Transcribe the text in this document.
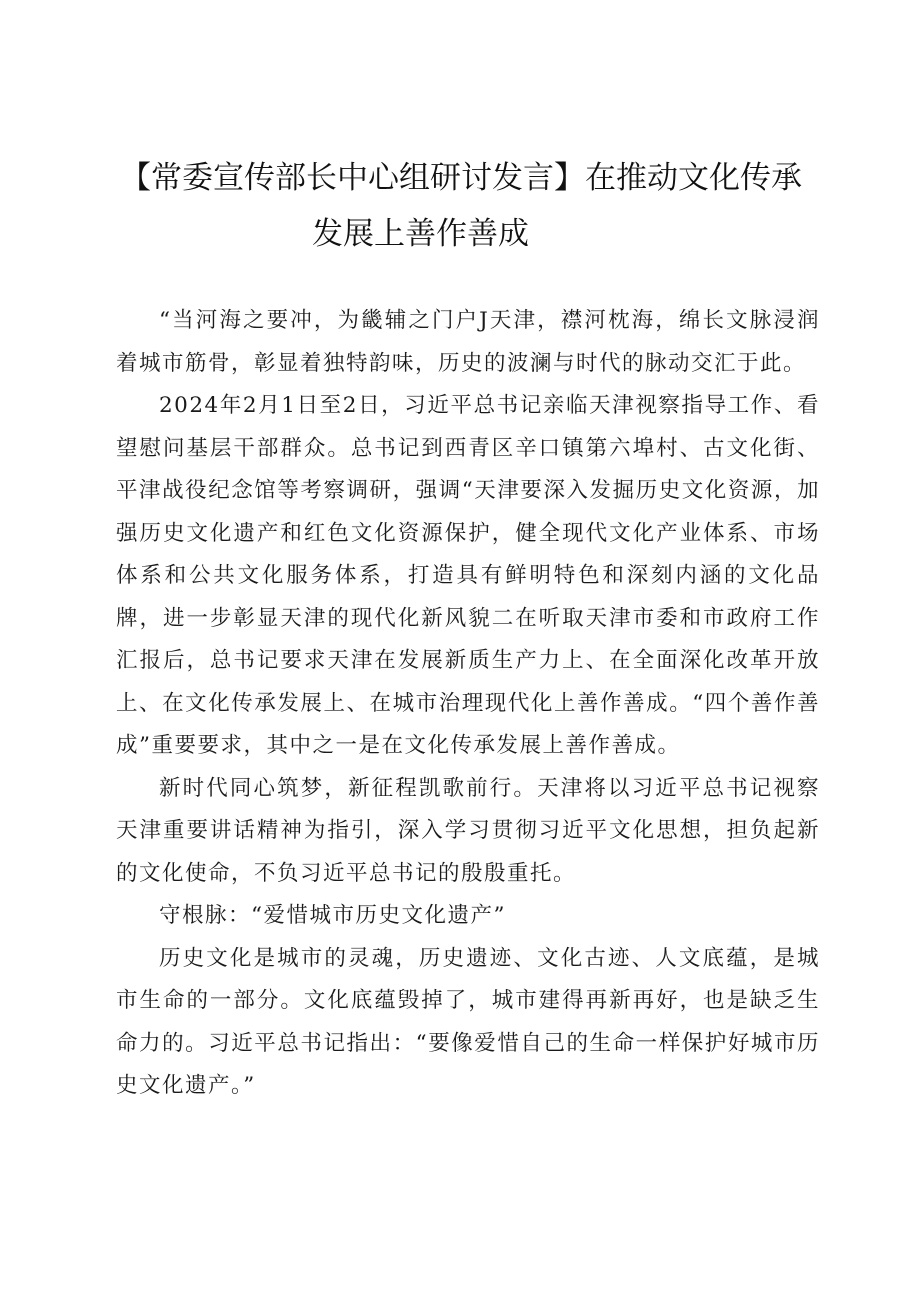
【常委宣传部长中心组研讨发言】在推动文化传承
发展上善作善成

“当河海之要冲，为畿辅之门户J天津，襟河枕海，绵长文脉浸润着城市筋骨，彰显着独特韵味，历史的波澜与时代的脉动交汇于此。

2024年2月1日至2日，习近平总书记亲临天津视察指导工作、看望慰问基层干部群众。总书记到西青区辛口镇第六埠村、古文化街、平津战役纪念馆等考察调研，强调“天津要深入发掘历史文化资源，加强历史文化遗产和红色文化资源保护，健全现代文化产业体系、市场体系和公共文化服务体系，打造具有鲜明特色和深刻内涵的文化品牌，进一步彰显天津的现代化新风貌二在听取天津市委和市政府工作汇报后，总书记要求天津在发展新质生产力上、在全面深化改革开放上、在文化传承发展上、在城市治理现代化上善作善成。“四个善作善成”重要要求，其中之一是在文化传承发展上善作善成。

新时代同心筑梦，新征程凯歌前行。天津将以习近平总书记视察天津重要讲话精神为指引，深入学习贯彻习近平文化思想，担负起新的文化使命，不负习近平总书记的殷殷重托。

守根脉：“爱惜城市历史文化遗产”

历史文化是城市的灵魂，历史遗迹、文化古迹、人文底蕴，是城市生命的一部分。文化底蕴毁掉了，城市建得再新再好，也是缺乏生命力的。习近平总书记指出：“要像爱惜自己的生命一样保护好城市历史文化遗产。”
